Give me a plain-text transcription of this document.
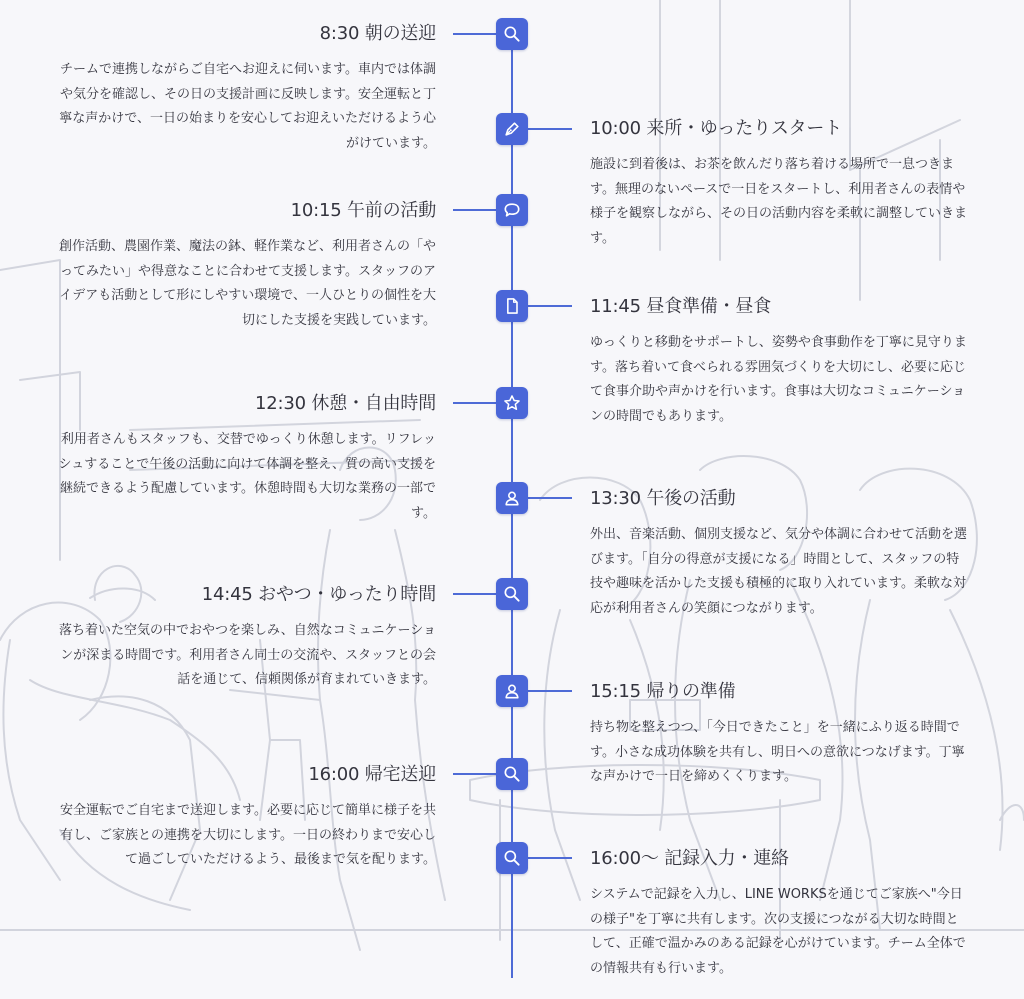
8:30 朝の送迎
チームで連携しながらご自宅へお迎えに伺います。車内では体調や気分を確認し、その日の支援計画に反映します。安全運転と丁寧な声かけで、一日の始まりを安心してお迎えいただけるよう心がけています。
10:15 午前の活動
創作活動、農園作業、魔法の鉢、軽作業など、利用者さんの「やってみたい」や得意なことに合わせて支援します。スタッフのアイデアも活動として形にしやすい環境で、一人ひとりの個性を大切にした支援を実践しています。
12:30 休憩・自由時間
利用者さんもスタッフも、交替でゆっくり休憩します。リフレッシュすることで午後の活動に向けて体調を整え、質の高い支援を継続できるよう配慮しています。休憩時間も大切な業務の一部です。
14:45 おやつ・ゆったり時間
落ち着いた空気の中でおやつを楽しみ、自然なコミュニケーションが深まる時間です。利用者さん同士の交流や、スタッフとの会話を通じて、信頼関係が育まれていきます。
16:00 帰宅送迎
安全運転でご自宅まで送迎します。必要に応じて簡単に様子を共有し、ご家族との連携を大切にします。一日の終わりまで安心して過ごしていただけるよう、最後まで気を配ります。
10:00 来所・ゆったりスタート
施設に到着後は、お茶を飲んだり落ち着ける場所で一息つきます。無理のないペースで一日をスタートし、利用者さんの表情や様子を観察しながら、その日の活動内容を柔軟に調整していきます。
11:45 昼食準備・昼食
ゆっくりと移動をサポートし、姿勢や食事動作を丁寧に見守ります。落ち着いて食べられる雰囲気づくりを大切にし、必要に応じて食事介助や声かけを行います。食事は大切なコミュニケーションの時間でもあります。
13:30 午後の活動
外出、音楽活動、個別支援など、気分や体調に合わせて活動を選びます。「自分の得意が支援になる」時間として、スタッフの特技や趣味を活かした支援も積極的に取り入れています。柔軟な対応が利用者さんの笑顔につながります。
15:15 帰りの準備
持ち物を整えつつ、「今日できたこと」を一緒にふり返る時間です。小さな成功体験を共有し、明日への意欲につなげます。丁寧な声かけで一日を締めくくります。
16:00〜 記録入力・連絡
システムで記録を入力し、LINE WORKSを通じてご家族へ"今日の様子"を丁寧に共有します。次の支援につながる大切な時間として、正確で温かみのある記録を心がけています。チーム全体での情報共有も行います。
